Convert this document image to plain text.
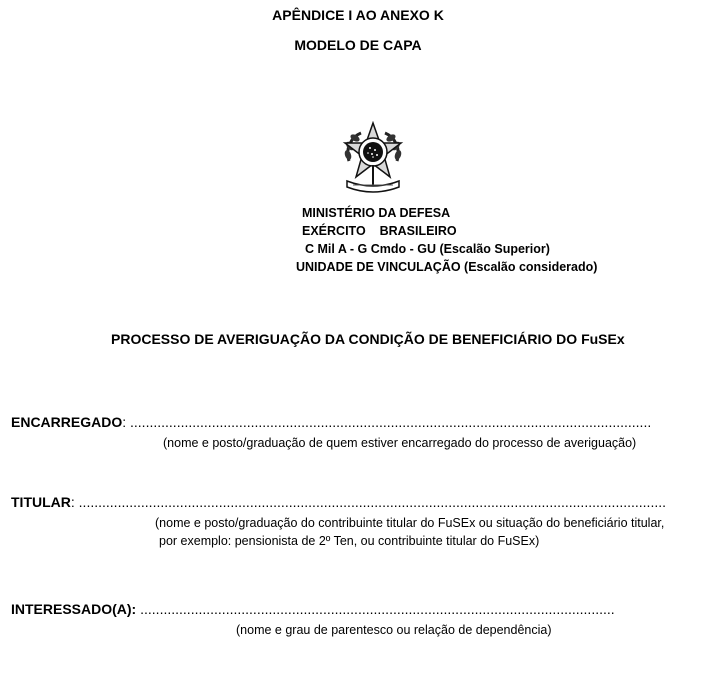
APÊNDICE I AO ANEXO K
MODELO DE CAPA
MINISTÉRIO DA DEFESA
EXÉRCITO    BRASILEIRO
C Mil A - G Cmdo - GU (Escalão Superior)
UNIDADE DE VINCULAÇÃO (Escalão considerado)
PROCESSO DE AVERIGUAÇÃO DA CONDIÇÃO DE BENEFICIÁRIO DO FuSEx
ENCARREGADO: ......................................................................................................................................
(nome e posto/graduação de quem estiver encarregado do processo de averiguação)
TITULAR: .......................................................................................................................................................
(nome e posto/graduação do contribuinte titular do FuSEx ou situação do beneficiário titular,
por exemplo: pensionista de 2º Ten, ou contribuinte titular do FuSEx)
INTERESSADO(A): ..........................................................................................................................
(nome e grau de parentesco ou relação de dependência)
